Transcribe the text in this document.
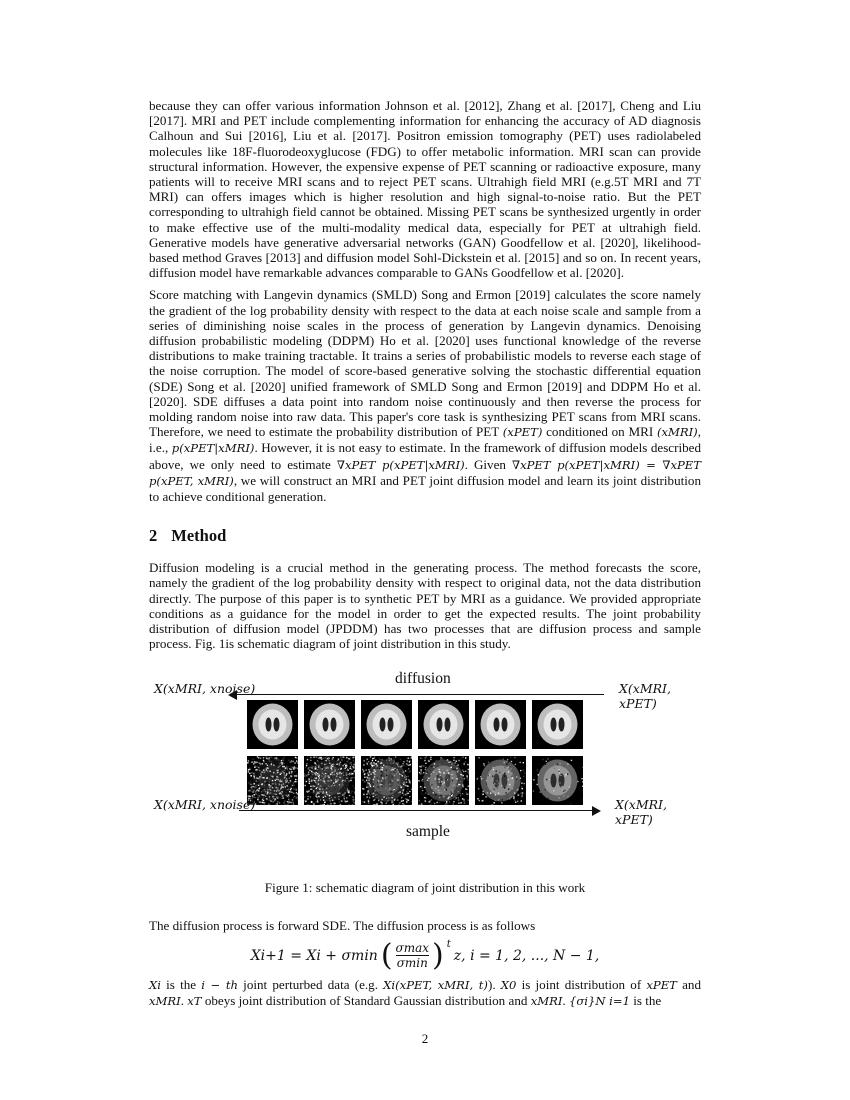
because they can offer various information Johnson et al. [2012], Zhang et al. [2017], Cheng and Liu [2017]. MRI and PET include complementing information for enhancing the accuracy of AD diagnosis Calhoun and Sui [2016], Liu et al. [2017]. Positron emission tomography (PET) uses radiolabeled molecules like 18F-fluorodeoxyglucose (FDG) to offer metabolic information. MRI scan can provide structural information. However, the expensive expense of PET scanning or radioactive exposure, many patients will to receive MRI scans and to reject PET scans. Ultrahigh field MRI (e.g.5T MRI and 7T MRI) can offers images which is higher resolution and high signal-to-noise ratio. But the PET corresponding to ultrahigh field cannot be obtained. Missing PET scans be synthesized urgently in order to make effective use of the multi-modality medical data, especially for PET at ultrahigh field. Generative models have generative adversarial networks (GAN) Goodfellow et al. [2020], likelihood-based method Graves [2013] and diffusion model Sohl-Dickstein et al. [2015] and so on. In recent years, diffusion model have remarkable advances comparable to GANs Goodfellow et al. [2020].

Score matching with Langevin dynamics (SMLD) Song and Ermon [2019] calculates the score namely the gradient of the log probability density with respect to the data at each noise scale and sample from a series of diminishing noise scales in the process of generation by Langevin dynamics. Denoising diffusion probabilistic modeling (DDPM) Ho et al. [2020] uses functional knowledge of the reverse distributions to make training tractable. It trains a series of probabilistic models to reverse each stage of the noise corruption. The model of score-based generative solving the stochastic differential equation (SDE) Song et al. [2020] unified framework of SMLD Song and Ermon [2019] and DDPM Ho et al. [2020]. SDE diffuses a data point into random noise continuously and then reverse the process for molding random noise into raw data. This paper's core task is synthesizing PET scans from MRI scans. Therefore, we need to estimate the probability distribution of PET (xPET) conditioned on MRI (xMRI), i.e., p(xPET|xMRI). However, it is not easy to estimate. In the framework of diffusion models described above, we only need to estimate ∇xPET p(xPET|xMRI). Given ∇xPET p(xPET|xMRI) = ∇xPET p(xPET, xMRI), we will construct an MRI and PET joint diffusion model and learn its joint distribution to achieve conditional generation.

2 Method

Diffusion modeling is a crucial method in the generating process. The method forecasts the score, namely the gradient of the log probability density with respect to original data, not the data distribution directly. The purpose of this paper is to synthetic PET by MRI as a guidance. We provided appropriate conditions as a guidance for the model in order to get the expected results. The joint probability distribution of diffusion model (JPDDM) has two processes that are diffusion process and sample process. Fig. 1is schematic diagram of joint distribution in this study.

diffusion
X(xMRI, xnoise)	X(xMRI, xPET)
X(xMRI, xnoise)	X(xMRI, xPET)
sample
Figure 1: schematic diagram of joint distribution in this work

The diffusion process is forward SDE. The diffusion process is as follows

Xi+1 = Xi + σmin ( $\frac{\sigma\max}{\sigma\min}$ ) $^t$
z, i = 1, 2, ..., N − 1,

Xi is the i − th joint perturbed data (e.g. Xi(xPET, xMRI, t)). X0 is joint distribution of xPET and xMRI. xT obeys joint distribution of Standard Gaussian distribution and xMRI. {σi}N i=1 is the

2
